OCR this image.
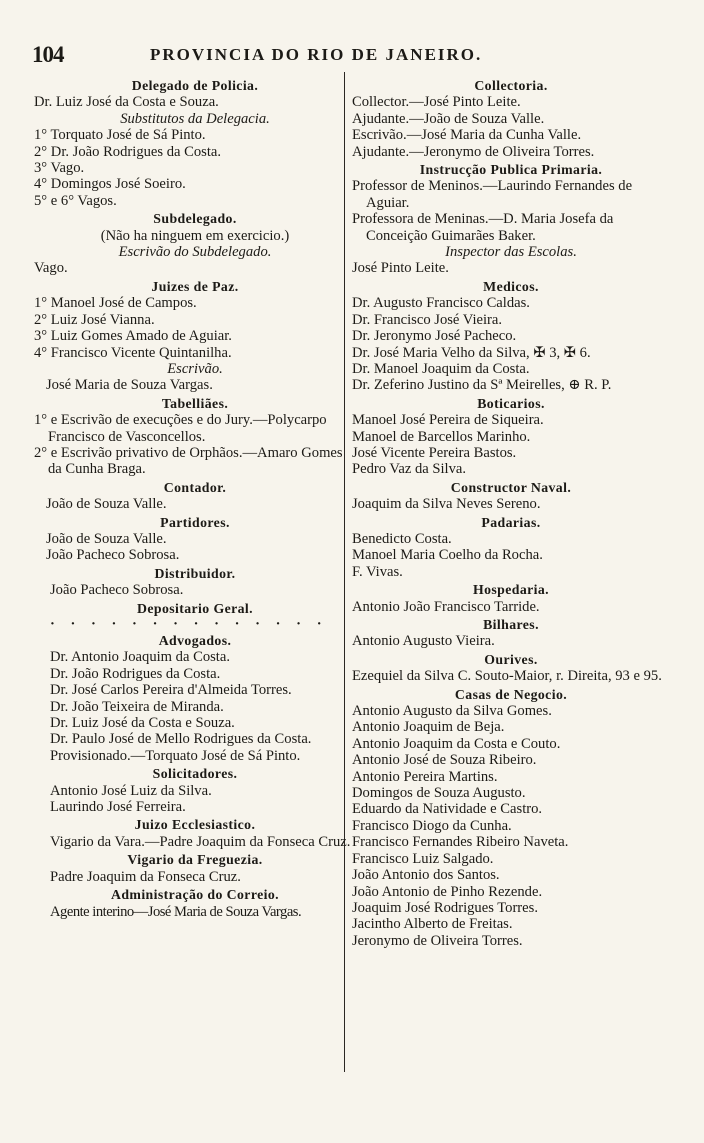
104	PROVINCIA DO RIO DE JANEIRO.
Delegado de Policia.
Dr. Luiz José da Costa e Souza.
Substitutos da Delegacia.
1° Torquato José de Sá Pinto.
2° Dr. João Rodrigues da Costa.
3° Vago.
4° Domingos José Soeiro.
5° e 6° Vagos.
Subdelegado.
(Não ha ninguem em exercicio.)
Escrivão do Subdelegado.
Vago.
Juizes de Paz.
1° Manoel José de Campos.
2° Luiz José Vianna.
3° Luiz Gomes Amado de Aguiar.
4° Francisco Vicente Quintanilha.
Escrivão.
José Maria de Souza Vargas.
Tabelliães.
1° e Escrivão de execuções e do Jury.—Polycarpo Francisco de Vasconcellos.
2° e Escrivão privativo de Orphãos.—Amaro Gomes da Cunha Braga.
Contador.
João de Souza Valle.
Partidores.
João de Souza Valle.
João Pacheco Sobrosa.
Distribuidor.
João Pacheco Sobrosa.
Depositario Geral.
· · · · · · · · · · · · · ·
Advogados.
Dr. Antonio Joaquim da Costa.
Dr. João Rodrigues da Costa.
Dr. José Carlos Pereira d'Almeida Torres.
Dr. João Teixeira de Miranda.
Dr. Luiz José da Costa e Souza.
Dr. Paulo José de Mello Rodrigues da Costa.
Provisionado.—Torquato José de Sá Pinto.
Solicitadores.
Antonio José Luiz da Silva.
Laurindo José Ferreira.
Juizo Ecclesiastico.
Vigario da Vara.—Padre Joaquim da Fonseca Cruz.
Vigario da Freguezia.
Padre Joaquim da Fonseca Cruz.
Administração do Correio.
Agente interino—José Maria de Souza Vargas.
Collectoria.
Collector.—José Pinto Leite.
Ajudante.—João de Souza Valle.
Escrivão.—José Maria da Cunha Valle.
Ajudante.—Jeronymo de Oliveira Torres.
Instrucção Publica Primaria.
Professor de Meninos.—Laurindo Fernandes de Aguiar.
Professora de Meninas.—D. Maria Josefa da Conceição Guimarães Baker.
Inspector das Escolas.
José Pinto Leite.
Medicos.
Dr. Augusto Francisco Caldas.
Dr. Francisco José Vieira.
Dr. Jeronymo José Pacheco.
Dr. José Maria Velho da Silva, ✠ 3, ✠ 6.
Dr. Manoel Joaquim da Costa.
Dr. Zeferino Justino da Sª Meirelles, ⊕ R. P.
Boticarios.
Manoel José Pereira de Siqueira.
Manoel de Barcellos Marinho.
José Vicente Pereira Bastos.
Pedro Vaz da Silva.
Constructor Naval.
Joaquim da Silva Neves Sereno.
Padarias.
Benedicto Costa.
Manoel Maria Coelho da Rocha.
F. Vivas.
Hospedaria.
Antonio João Francisco Tarride.
Bilhares.
Antonio Augusto Vieira.
Ourives.
Ezequiel da Silva C. Souto-Maior, r. Direita, 93 e 95.
Casas de Negocio.
Antonio Augusto da Silva Gomes.
Antonio Joaquim de Beja.
Antonio Joaquim da Costa e Couto.
Antonio José de Souza Ribeiro.
Antonio Pereira Martins.
Domingos de Souza Augusto.
Eduardo da Natividade e Castro.
Francisco Diogo da Cunha.
Francisco Fernandes Ribeiro Naveta.
Francisco Luiz Salgado.
João Antonio dos Santos.
João Antonio de Pinho Rezende.
Joaquim José Rodrigues Torres.
Jacintho Alberto de Freitas.
Jeronymo de Oliveira Torres.
